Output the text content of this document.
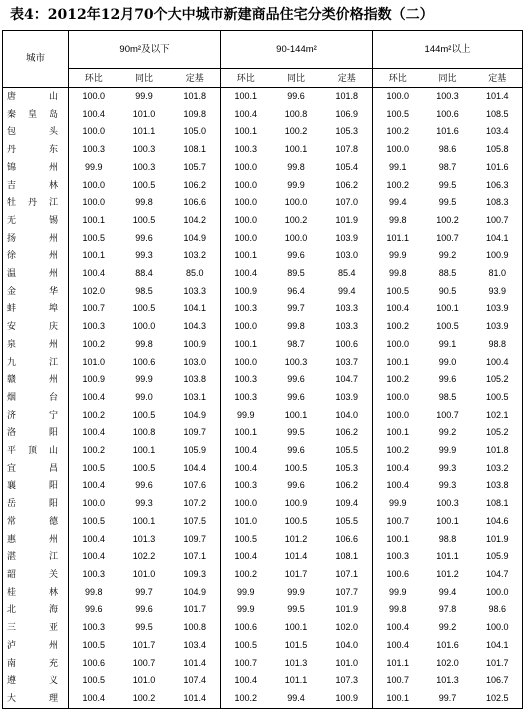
表4：2012年12月70个大中城市新建商品住宅分类价格指数（二）
城市	90m²及以下			90-144m²			144m²以上		
	环比	同比	定基	环比	同比	定基	环比	同比	定基
唐山	100.0	99.9	101.8	100.1	99.6	101.8	100.0	100.3	101.4
秦皇岛	100.4	101.0	109.8	100.4	100.8	106.9	100.5	100.6	108.5
包头	100.0	101.1	105.0	100.1	100.2	105.3	100.2	101.6	103.4
丹东	100.3	100.3	108.1	100.3	100.1	107.8	100.0	98.6	105.8
锦州	99.9	100.3	105.7	100.0	99.8	105.4	99.1	98.7	101.6
吉林	100.0	100.5	106.2	100.0	99.9	106.2	100.2	99.5	106.3
牡丹江	100.0	99.8	106.6	100.0	100.0	107.0	99.4	99.5	108.3
无锡	100.1	100.5	104.2	100.0	100.2	101.9	99.8	100.2	100.7
扬州	100.5	99.6	104.9	100.0	100.0	103.9	101.1	100.7	104.1
徐州	100.1	99.3	103.2	100.1	99.6	103.0	99.9	99.2	100.9
温州	100.4	88.4	85.0	100.4	89.5	85.4	99.8	88.5	81.0
金华	102.0	98.5	103.3	100.9	96.4	99.4	100.5	90.5	93.9
蚌埠	100.7	100.5	104.1	100.3	99.7	103.3	100.4	100.1	103.9
安庆	100.3	100.0	104.3	100.0	99.8	103.3	100.2	100.5	103.9
泉州	100.2	99.8	100.9	100.1	98.7	100.6	100.0	99.1	98.8
九江	101.0	100.6	103.0	100.0	100.3	103.7	100.1	99.0	100.4
赣州	100.9	99.9	103.8	100.3	99.6	104.7	100.2	99.6	105.2
烟台	100.4	99.0	103.1	100.3	99.6	103.9	100.0	98.5	100.5
济宁	100.2	100.5	104.9	99.9	100.1	104.0	100.0	100.7	102.1
洛阳	100.4	100.8	109.7	100.1	99.5	106.2	100.1	99.2	105.2
平顶山	100.2	100.1	105.9	100.4	99.6	105.5	100.2	99.9	101.8
宜昌	100.5	100.5	104.4	100.4	100.5	105.3	100.4	99.3	103.2
襄阳	100.4	99.6	107.6	100.3	99.6	106.2	100.4	99.3	103.8
岳阳	100.0	99.3	107.2	100.0	100.9	109.4	99.9	100.3	108.1
常德	100.5	100.1	107.5	101.0	100.5	105.5	100.7	100.1	104.6
惠州	100.4	101.3	109.7	100.5	101.2	106.6	100.1	98.8	101.9
湛江	100.4	102.2	107.1	100.4	101.4	108.1	100.3	101.1	105.9
韶关	100.3	101.0	109.3	100.2	101.7	107.1	100.6	101.2	104.7
桂林	99.8	99.7	104.9	99.9	99.9	107.7	99.9	99.4	100.0
北海	99.6	99.6	101.7	99.9	99.5	101.9	99.8	97.8	98.6
三亚	100.3	99.5	100.8	100.6	100.1	102.0	100.4	99.2	100.0
泸州	100.5	101.7	103.4	100.5	101.5	104.0	100.4	101.6	104.1
南充	100.6	100.7	101.4	100.7	101.3	101.0	101.1	102.0	101.7
遵义	100.5	101.0	107.4	100.4	101.1	107.3	100.7	101.3	106.7
大理	100.4	100.2	101.4	100.2	99.4	100.9	100.1	99.7	102.5
